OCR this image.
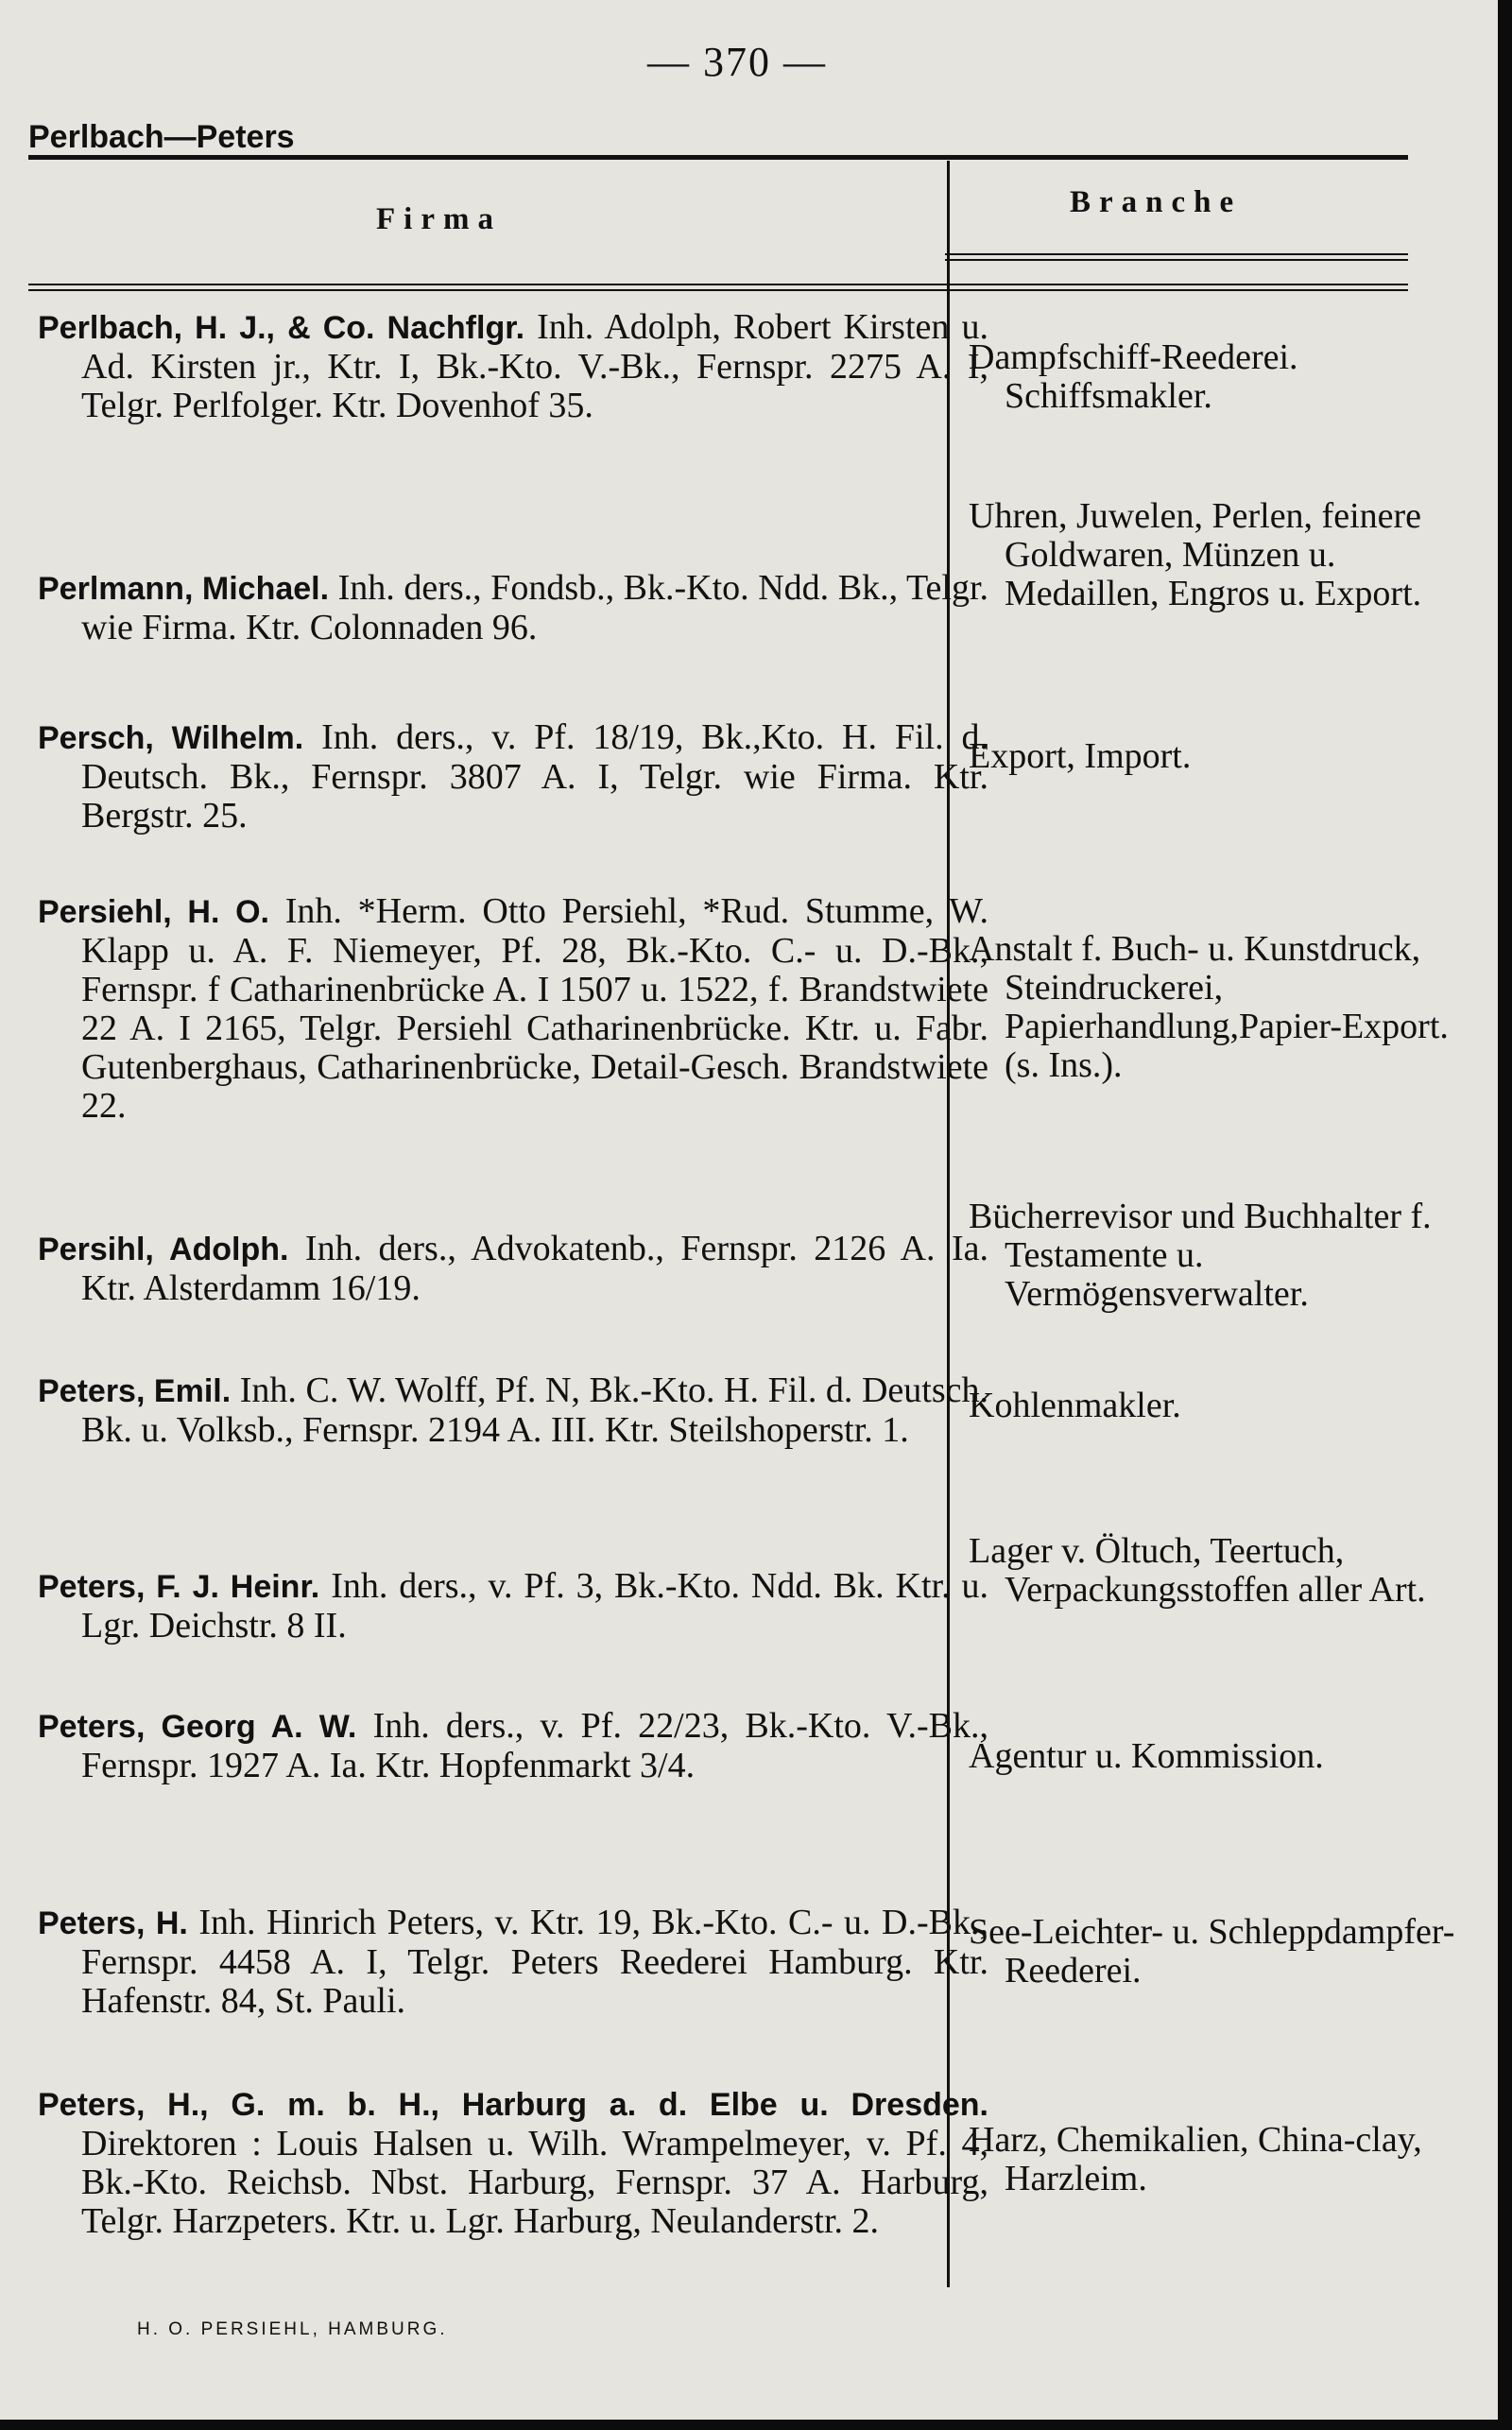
— 370 —
Perlbach—Peters
Firma	Branche
Perlbach, H. J., & Co. Nachflgr. Inh. Adolph, Robert Kirsten u. Ad. Kirsten jr., Ktr. I, Bk.-Kto. V.-Bk., Fernspr. 2275 A. I, Telgr. Perlfolger. Ktr. Dovenhof 35.
Dampfschiff-Reederei. Schiffsmakler.
Perlmann, Michael. Inh. ders., Fondsb., Bk.-Kto. Ndd. Bk., Telgr. wie Firma. Ktr. Colonnaden 96.
Uhren, Juwelen, Perlen, feinere Goldwaren, Münzen u. Medaillen, Engros u. Export.
Persch, Wilhelm. Inh. ders., v. Pf. 18/19, Bk.,Kto. H. Fil. d. Deutsch. Bk., Fernspr. 3807 A. I, Telgr. wie Firma. Ktr. Bergstr. 25.
Export, Import.
Persiehl, H. O. Inh. *Herm. Otto Persiehl, *Rud. Stumme, W. Klapp u. A. F. Niemeyer, Pf. 28, Bk.-Kto. C.- u. D.-Bk., Fernspr. f Catharinenbrücke A. I 1507 u. 1522, f. Brandstwiete 22 A. I 2165, Telgr. Persiehl Catharinenbrücke. Ktr. u. Fabr. Gutenberghaus, Catharinenbrücke, Detail-Gesch. Brandstwiete 22.
Anstalt f. Buch- u. Kunstdruck, Steindruckerei, Papierhandlung,Papier-Export. (s. Ins.).
Persihl, Adolph. Inh. ders., Advokatenb., Fernspr. 2126 A. Ia. Ktr. Alsterdamm 16/19.
Bücherrevisor und Buchhalter f. Testamente u. Vermögensverwalter.
Peters, Emil. Inh. C. W. Wolff, Pf. N, Bk.-Kto. H. Fil. d. Deutsch. Bk. u. Volksb., Fernspr. 2194 A. III. Ktr. Steilshoperstr. 1.
Kohlenmakler.
Peters, F. J. Heinr. Inh. ders., v. Pf. 3, Bk.-Kto. Ndd. Bk. Ktr. u. Lgr. Deichstr. 8 II.
Lager v. Öltuch, Teertuch, Verpackungsstoffen aller Art.
Peters, Georg A. W. Inh. ders., v. Pf. 22/23, Bk.-Kto. V.-Bk., Fernspr. 1927 A. Ia. Ktr. Hopfenmarkt 3/4.	Agentur u. Kommission.
Peters, H. Inh. Hinrich Peters, v. Ktr. 19, Bk.-Kto. C.- u. D.-Bk., Fernspr. 4458 A. I, Telgr. Peters Reederei Hamburg. Ktr. Hafenstr. 84, St. Pauli.
See-Leichter- u. Schleppdampfer-Reederei.
Peters, H., G. m. b. H., Harburg a. d. Elbe u. Dresden. Direktoren : Louis Halsen u. Wilh. Wrampelmeyer, v. Pf. 4, Bk.-Kto. Reichsb. Nbst. Harburg, Fernspr. 37 A. Harburg, Telgr. Harzpeters. Ktr. u. Lgr. Harburg, Neulanderstr. 2.
Harz, Chemikalien, China-clay, Harzleim.
H. O. PERSIEHL, HAMBURG.
